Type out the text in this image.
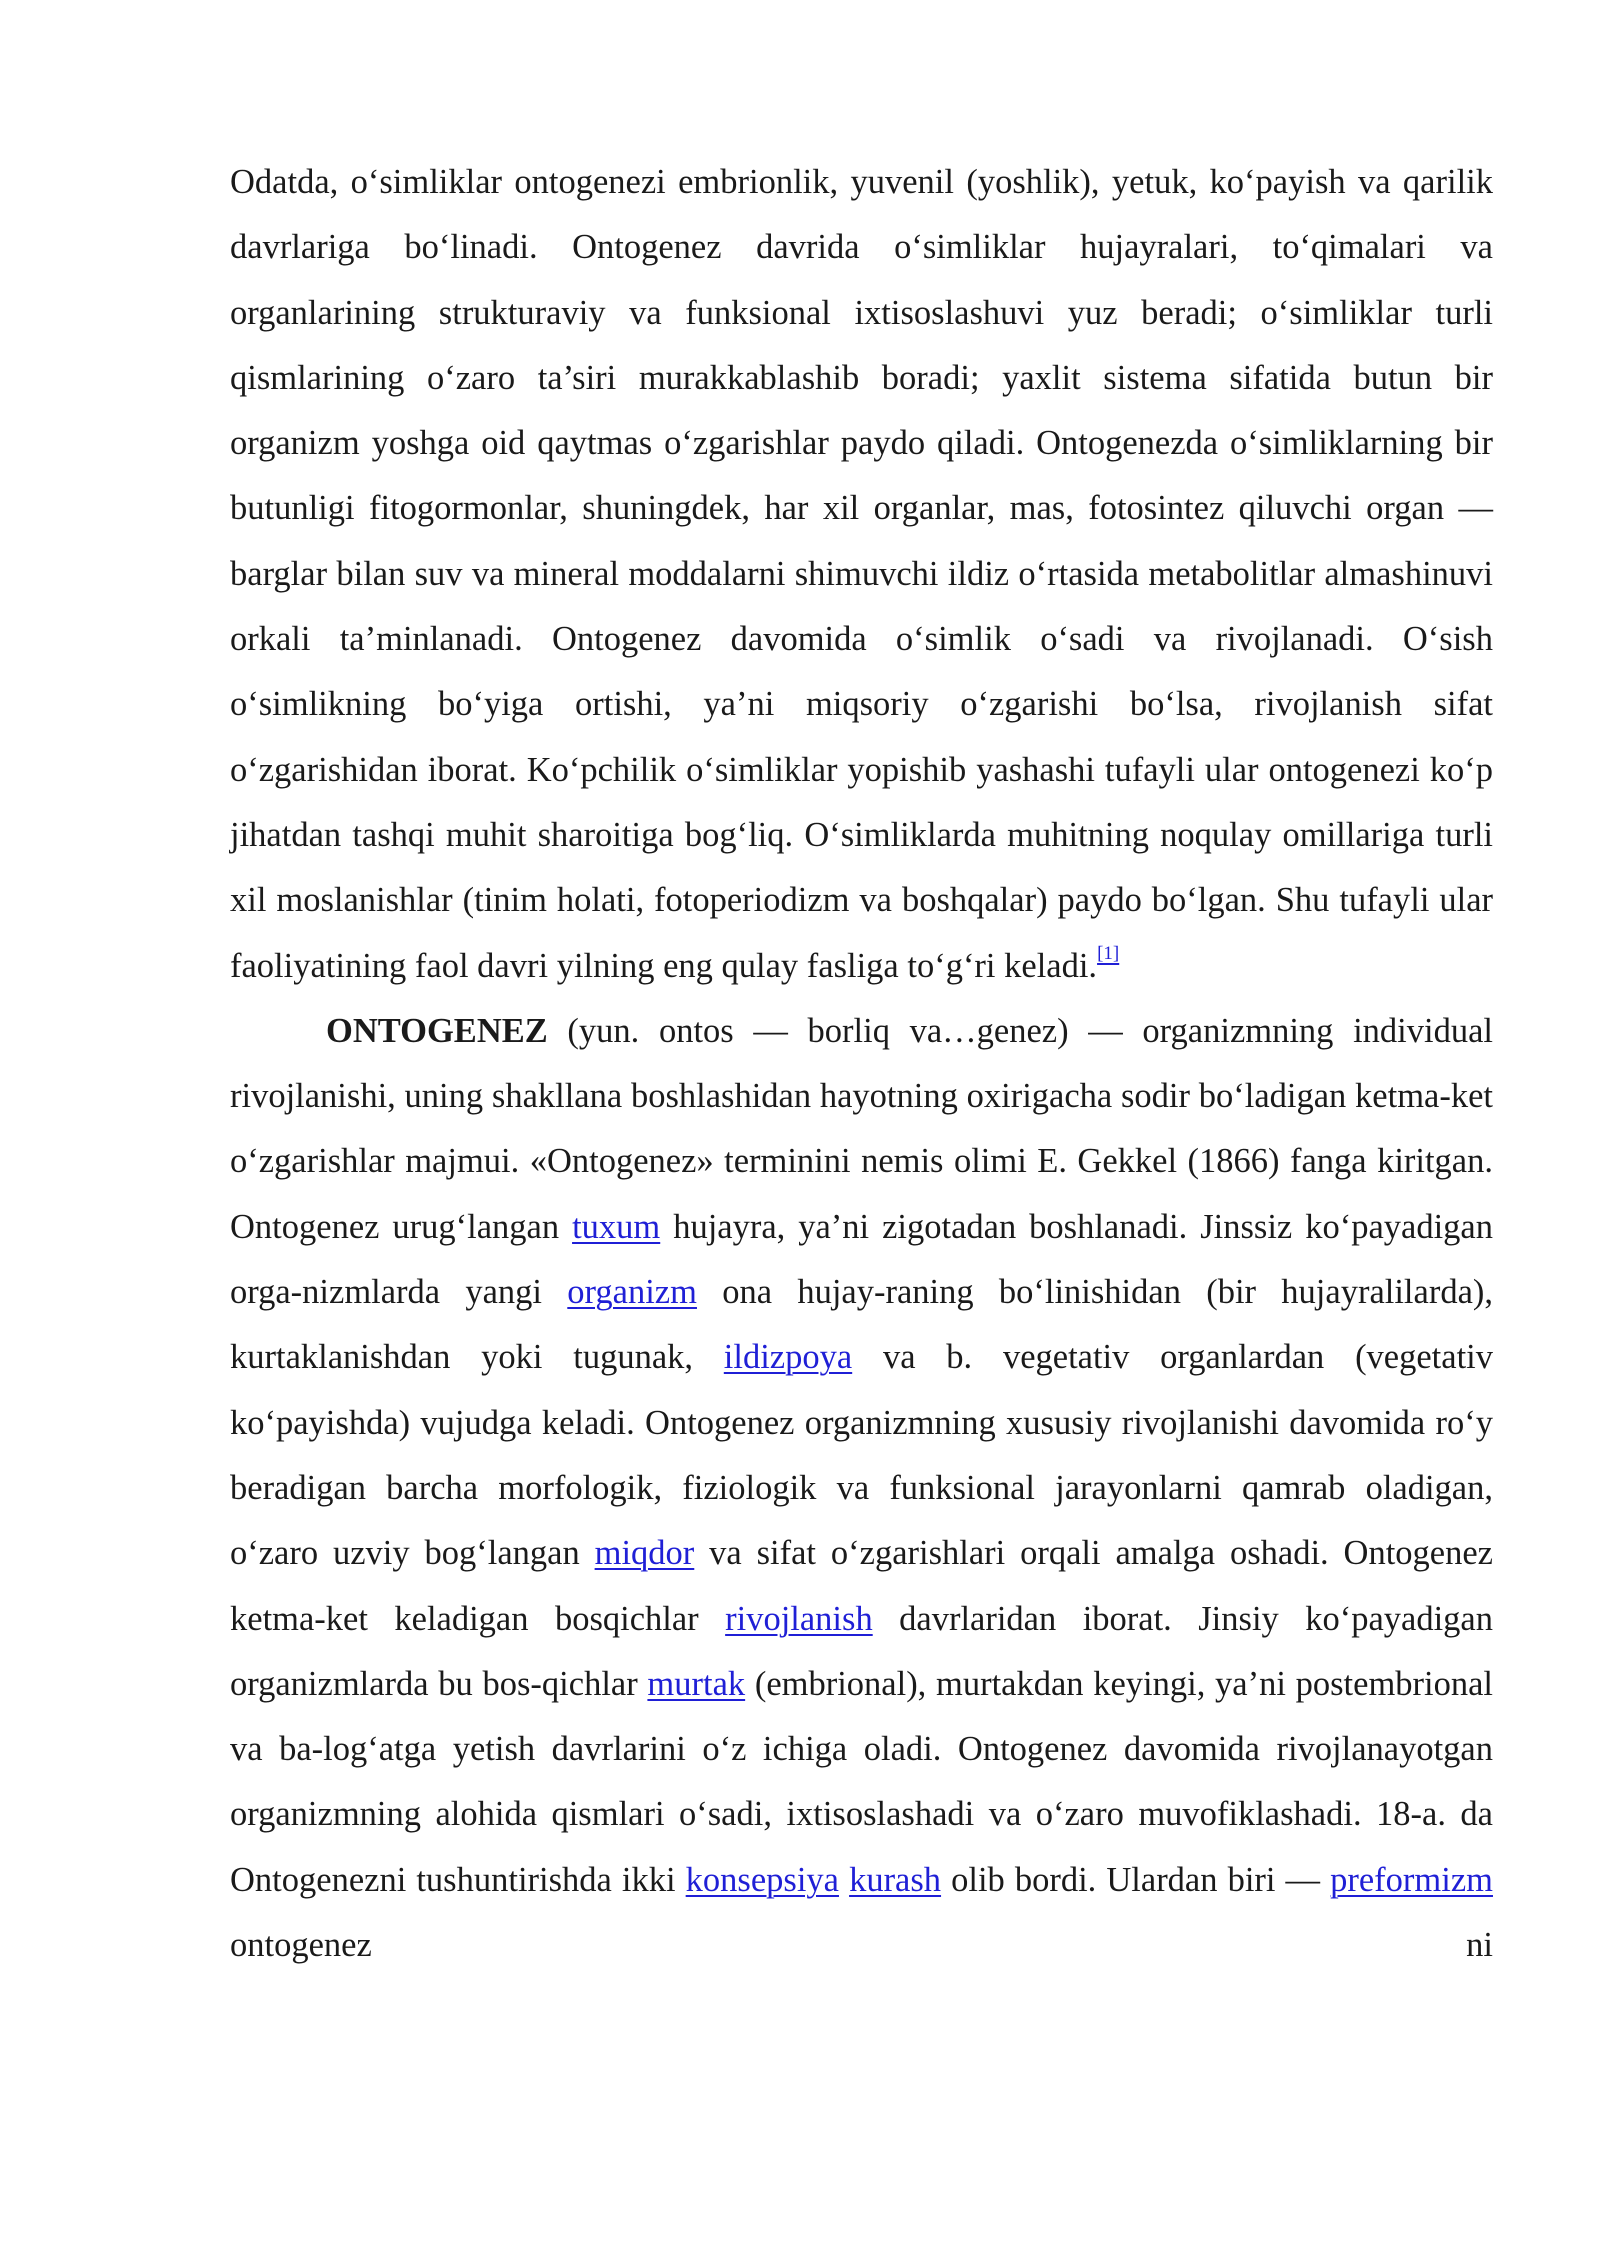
Odatda, o‘simliklar ontogenezi embrionlik, yuvenil (yoshlik), yetuk, ko‘payish va qarilik davrlariga bo‘linadi. Ontogenez davrida o‘simliklar hujayralari, to‘qimalari va organlarining strukturaviy va funksional ixtisoslashuvi yuz beradi; o‘simliklar turli qismlarining o‘zaro ta’siri murakkablashib boradi; yaxlit sistema sifatida butun bir organizm yoshga oid qaytmas o‘zgarishlar paydo qiladi. Ontogenezda o‘simliklarning bir butunligi fitogormonlar, shuningdek, har xil organlar, mas, fotosintez qiluvchi organ — barglar bilan suv va mineral moddalarni shimuvchi ildiz o‘rtasida metabolitlar almashinuvi orkali ta’minlanadi. Ontogenez davomida o‘simlik o‘sadi va rivojlanadi. O‘sish o‘simlikning bo‘yiga ortishi, ya’ni miqsoriy o‘zgarishi bo‘lsa, rivojlanish sifat o‘zgarishidan iborat. Ko‘pchilik o‘simliklar yopishib yashashi tufayli ular ontogenezi ko‘p jihatdan tashqi muhit sharoitiga bog‘liq. O‘simliklarda muhitning noqulay omillariga turli xil moslanishlar (tinim holati, fotoperiodizm va boshqalar) paydo bo‘lgan. Shu tufayli ular faoliyatining faol davri yilning eng qulay fasliga to‘g‘ri keladi.[1]

ONTOGENEZ (yun. ontos — borliq va…genez) — organizmning individual rivojlanishi, uning shakllana boshlashidan hayotning oxirigacha sodir bo‘ladigan ketma-ket o‘zgarishlar majmui. «Ontogenez» terminini nemis olimi E. Gekkel (1866) fanga kiritgan. Ontogenez urug‘langan tuxum hujayra, ya’ni zigotadan boshlanadi. Jinssiz ko‘payadigan orga-nizmlarda yangi organizm ona hujay-raning bo‘linishidan (bir hujayralilarda), kurtaklanishdan yoki tugunak, ildizpoya va b. vegetativ organlardan (vegetativ ko‘payishda) vujudga keladi. Ontogenez organizmning xususiy rivojlanishi davomida ro‘y beradigan barcha morfologik, fiziologik va funksional jarayonlarni qamrab oladigan, o‘zaro uzviy bog‘langan miqdor va sifat o‘zgarishlari orqali amalga oshadi. Ontogenez ketma-ket keladigan bosqichlar rivojlanish davrlaridan iborat. Jinsiy ko‘payadigan organizmlarda bu bos-qichlar murtak (embrional), murtakdan keyingi, ya’ni postembrional va ba-log‘atga yetish davrlarini o‘z ichiga oladi. Ontogenez davomida rivojlanayotgan organizmning alohida qismlari o‘sadi, ixtisoslashadi va o‘zaro muvofiklashadi. 18-a. da Ontogenezni tushuntirishda ikki konsepsiya kurash olib bordi. Ulardan biri — preformizm ontogenez ni
